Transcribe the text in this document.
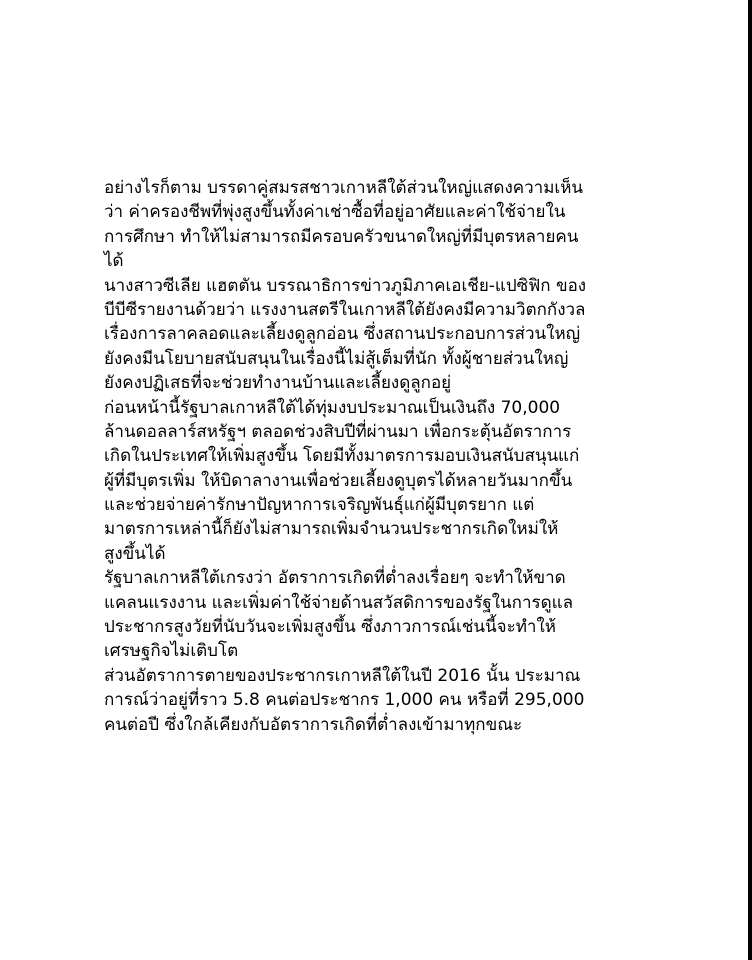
อย่างไรก็ตาม บรรดาคู่สมรสชาวเกาหลีใต้ส่วนใหญ่แสดงความเห็น
ว่า ค่าครองชีพที่พุ่งสูงขึ้นทั้งค่าเช่าซื้อที่อยู่อาศัยและค่าใช้จ่ายใน
การศึกษา ทำให้ไม่สามารถมีครอบครัวขนาดใหญ่ที่มีบุตรหลายคน
ได้
นางสาวซีเลีย แฮตตัน บรรณาธิการข่าวภูมิภาคเอเชีย-แปซิฟิก ของ
บีบีซีรายงานด้วยว่า แรงงานสตรีในเกาหลีใต้ยังคงมีความวิตกกังวล
เรื่องการลาคลอดและเลี้ยงดูลูกอ่อน ซึ่งสถานประกอบการส่วนใหญ่
ยังคงมีนโยบายสนับสนุนในเรื่องนี้ไม่สู้เต็มที่นัก ทั้งผู้ชายส่วนใหญ่
ยังคงปฏิเสธที่จะช่วยทำงานบ้านและเลี้ยงดูลูกอยู่
ก่อนหน้านี้รัฐบาลเกาหลีใต้ได้ทุ่มงบประมาณเป็นเงินถึง 70,000
ล้านดอลลาร์สหรัฐฯ ตลอดช่วงสิบปีที่ผ่านมา เพื่อกระตุ้นอัตราการ
เกิดในประเทศให้เพิ่มสูงขึ้น โดยมีทั้งมาตรการมอบเงินสนับสนุนแก่
ผู้ที่มีบุตรเพิ่ม ให้บิดาลางานเพื่อช่วยเลี้ยงดูบุตรได้หลายวันมากขึ้น
และช่วยจ่ายค่ารักษาปัญหาการเจริญพันธุ์แก่ผู้มีบุตรยาก แต่
มาตรการเหล่านี้ก็ยังไม่สามารถเพิ่มจำนวนประชากรเกิดใหม่ให้
สูงขึ้นได้
รัฐบาลเกาหลีใต้เกรงว่า อัตราการเกิดที่ต่ำลงเรื่อยๆ จะทำให้ขาด
แคลนแรงงาน และเพิ่มค่าใช้จ่ายด้านสวัสดิการของรัฐในการดูแล
ประชากรสูงวัยที่นับวันจะเพิ่มสูงขึ้น ซึ่งภาวการณ์เช่นนี้จะทำให้
เศรษฐกิจไม่เติบโต
ส่วนอัตราการตายของประชากรเกาหลีใต้ในปี 2016 นั้น ประมาณ
การณ์ว่าอยู่ที่ราว 5.8 คนต่อประชากร 1,000 คน หรือที่ 295,000
คนต่อปี ซึ่งใกล้เคียงกับอัตราการเกิดที่ต่ำลงเข้ามาทุกขณะ
